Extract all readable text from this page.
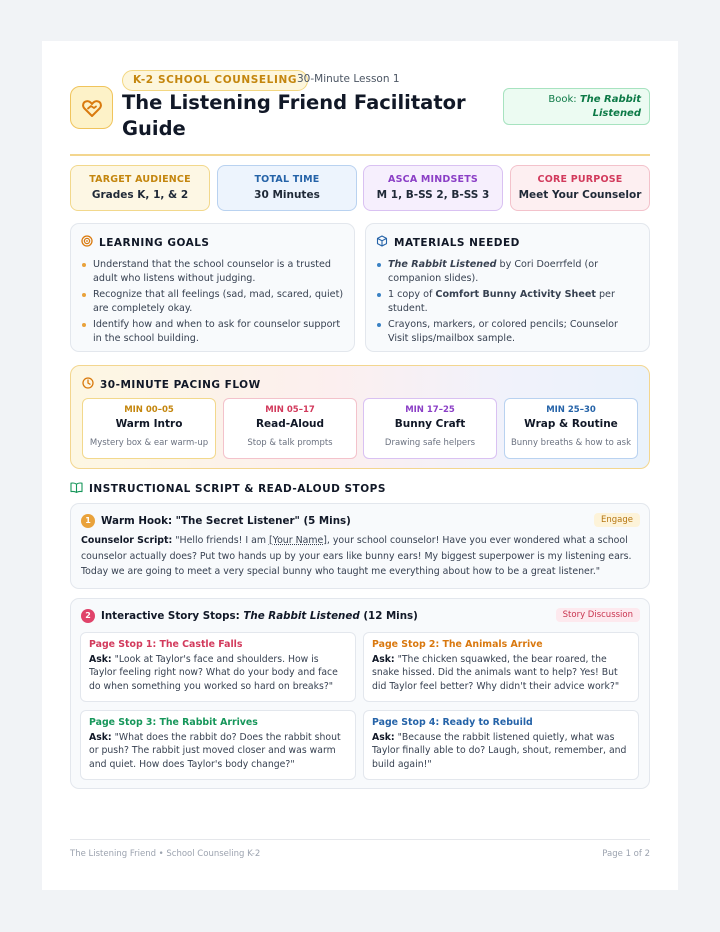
K-2 SCHOOL COUNSELING 30-Minute Lesson 1
The Listening Friend Facilitator Guide
Book: The Rabbit Listened
TARGET AUDIENCE
Grades K, 1, & 2
TOTAL TIME
30 Minutes
ASCA MINDSETS
M 1, B-SS 2, B-SS 3
CORE PURPOSE
Meet Your Counselor
LEARNING GOALS
Understand that the school counselor is a trusted adult who listens without judging.
Recognize that all feelings (sad, mad, scared, quiet) are completely okay.
Identify how and when to ask for counselor support in the school building.
MATERIALS NEEDED
The Rabbit Listened by Cori Doerrfeld (or companion slides).
1 copy of Comfort Bunny Activity Sheet per student.
Crayons, markers, or colored pencils; Counselor Visit slips/mailbox sample.
30-MINUTE PACING FLOW
MIN 00–05
Warm Intro
Mystery box & ear warm-up
MIN 05–17
Read-Aloud
Stop & talk prompts
MIN 17–25
Bunny Craft
Drawing safe helpers
MIN 25–30
Wrap & Routine
Bunny breaths & how to ask
INSTRUCTIONAL SCRIPT & READ-ALOUD STOPS
1 Warm Hook: "The Secret Listener" (5 Mins)	Engage
Counselor Script: "Hello friends! I am [Your Name], your school counselor! Have you ever wondered what a school counselor actually does? Put two hands up by your ears like bunny ears! My biggest superpower is my listening ears. Today we are going to meet a very special bunny who taught me everything about how to be a great listener."
2 Interactive Story Stops: The Rabbit Listened (12 Mins)	Story Discussion
Page Stop 1: The Castle Falls
Ask: "Look at Taylor's face and shoulders. How is Taylor feeling right now? What do your body and face do when something you worked so hard on breaks?"
Page Stop 2: The Animals Arrive
Ask: "The chicken squawked, the bear roared, the snake hissed. Did the animals want to help? Yes! But did Taylor feel better? Why didn't their advice work?"
Page Stop 3: The Rabbit Arrives
Ask: "What does the rabbit do? Does the rabbit shout or push? The rabbit just moved closer and was warm and quiet. How does Taylor's body change?"
Page Stop 4: Ready to Rebuild
Ask: "Because the rabbit listened quietly, what was Taylor finally able to do? Laugh, shout, remember, and build again!"
The Listening Friend • School Counseling K-2	Page 1 of 2
